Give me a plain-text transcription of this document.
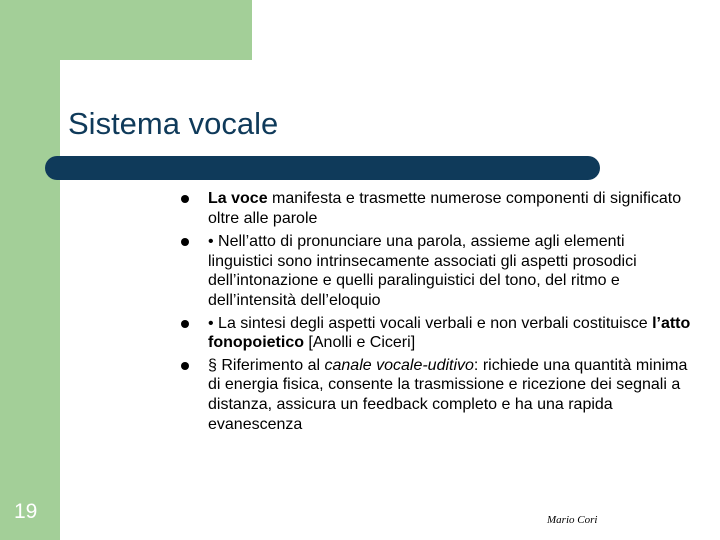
Sistema vocale
La voce manifesta e trasmette numerose componenti di significato oltre alle parole
• Nell’atto di pronunciare una parola, assieme agli elementi linguistici sono intrinsecamente associati gli aspetti prosodici dell’intonazione e quelli paralinguistici del tono, del ritmo e dell’intensità dell’eloquio
• La sintesi degli aspetti vocali verbali e non verbali costituisce l’atto fonopoietico [Anolli e Ciceri]
§ Riferimento al canale vocale-uditivo: richiede una quantità minima di energia fisica, consente la trasmissione e ricezione dei segnali a distanza, assicura un feedback completo e ha una rapida evanescenza
19	Mario Cori
